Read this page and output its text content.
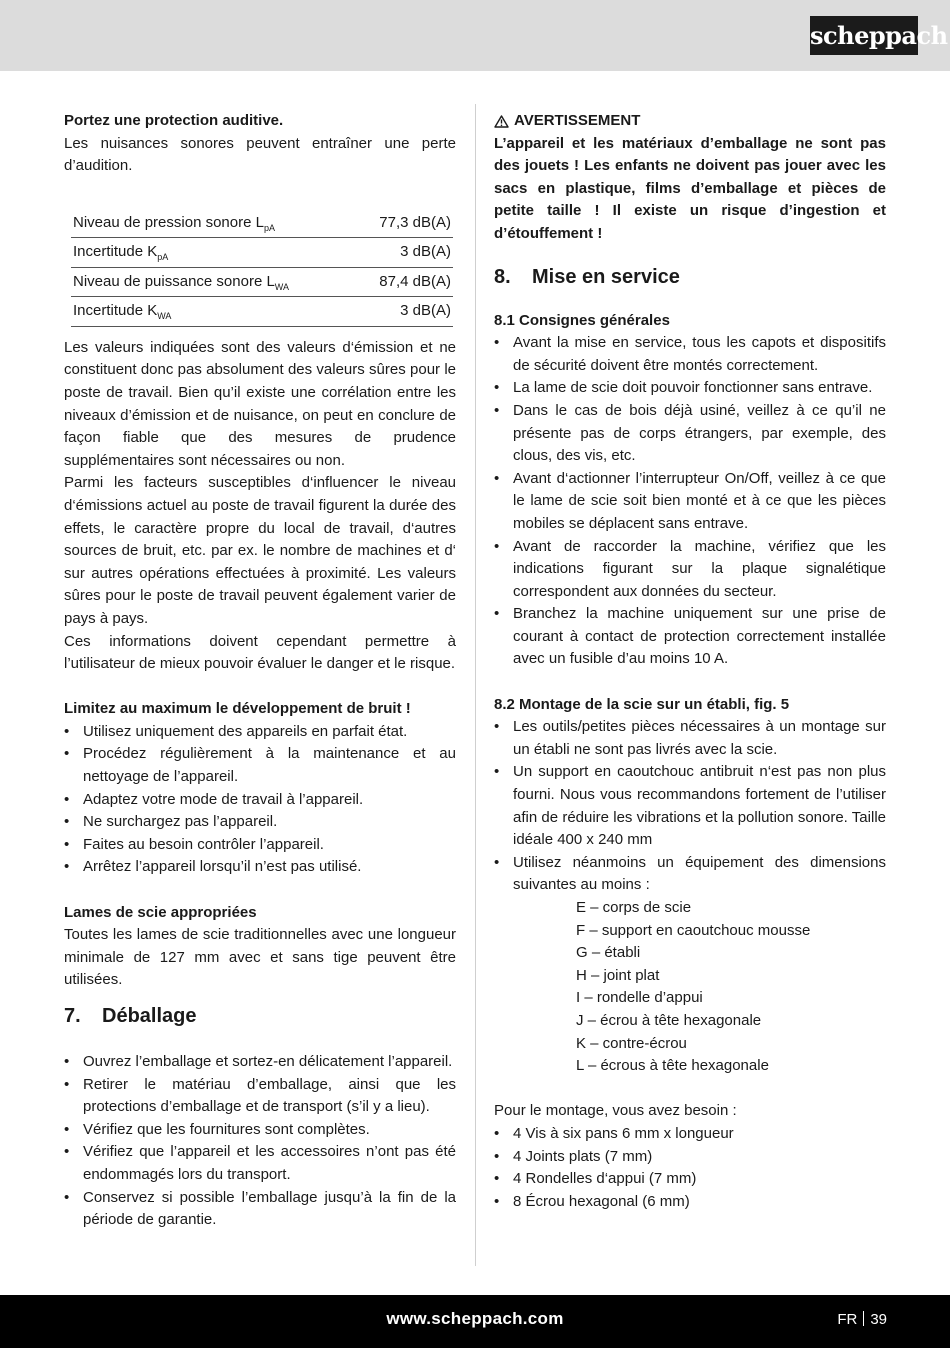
scheppach

Portez une protection auditive.

Les nuisances sonores peuvent entraîner une perte d’audition.

Niveau de pression sonore $L_{pA}$	77,3 dB(A)
Incertitude $K_{pA}$	3 dB(A)
Niveau de puissance sonore $L_{WA}$	87,4 dB(A)
Incertitude $K_{WA}$	3 dB(A)

Les valeurs indiquées sont des valeurs d‘émission et ne constituent donc pas absolument des valeurs sûres pour le poste de travail. Bien qu’il existe une corrélation entre les niveaux d’émission et de nuisance, on peut en conclure de façon fiable que des mesures de prudence supplémentaires sont nécessaires ou non.

Parmi les facteurs susceptibles d‘influencer le niveau d‘émissions actuel au poste de travail figurent la durée des effets, le caractère propre du local de travail, d‘autres sources de bruit, etc. par ex. le nombre de machines et d‘ sur autres opérations effectuées à proximité. Les valeurs sûres pour le poste de travail peuvent également varier de pays à pays.

Ces informations doivent cependant permettre à l’utilisateur de mieux pouvoir évaluer le danger et le risque.

Limitez au maximum le développement de bruit !

• Utilisez uniquement des appareils en parfait état.
• Procédez régulièrement à la maintenance et au nettoyage de l’appareil.
• Adaptez votre mode de travail à l’appareil.
• Ne surchargez pas l’appareil.
• Faites au besoin contrôler l’appareil.
• Arrêtez l’appareil lorsqu’il n’est pas utilisé.

Lames de scie appropriées

Toutes les lames de scie traditionnelles avec une longueur minimale de 127 mm avec et sans tige peuvent être utilisées.

7. Déballage
• Ouvrez l’emballage et sortez-en délicatement l’appareil.
• Retirer le matériau d’emballage, ainsi que les protections d’emballage et de transport (s’il y a lieu).
• Vérifiez que les fournitures sont complètes.
• Vérifiez que l’appareil et les accessoires n’ont pas été endommagés lors du transport.
• Conservez si possible l’emballage jusqu’à la fin de la période de garantie.
AVERTISSEMENT

L’appareil et les matériaux d’emballage ne sont pas des jouets ! Les enfants ne doivent pas jouer avec les sacs en plastique, films d’emballage et pièces de petite taille ! Il existe un risque d’ingestion et d’étouffement !

8. Mise en service

8.1 Consignes générales

• Avant la mise en service, tous les capots et dispositifs de sécurité doivent être montés correctement.
• La lame de scie doit pouvoir fonctionner sans entrave.
• Dans le cas de bois déjà usiné, veillez à ce qu’il ne présente pas de corps étrangers, par exemple, des clous, des vis, etc.
• Avant d‘actionner l’interrupteur On/Off, veillez à ce que le lame de scie soit bien monté et à ce que les pièces mobiles se déplacent sans entrave.
• Avant de raccorder la machine, vérifiez que les indications figurant sur la plaque signalétique correspondent aux données du secteur.
• Branchez la machine uniquement sur une prise de courant à contact de protection correctement installée avec un fusible d’au moins 10 A.

8.2 Montage de la scie sur un établi, fig. 5

• Les outils/petites pièces nécessaires à un montage sur un établi ne sont pas livrés avec la scie.
• Un support en caoutchouc antibruit n‘est pas non plus fourni. Nous vous recommandons fortement de l’utiliser afin de réduire les vibrations et la pollution sonore. Taille idéale 400 x 240 mm
• Utilisez néanmoins un équipement des dimensions suivantes au moins :
E – corps de scie
F – support en caoutchouc mousse
G – établi
H – joint plat
I – rondelle d’appui
J – écrou à tête hexagonale
K – contre-écrou
L – écrous à tête hexagonale

Pour le montage, vous avez besoin :

• 4 Vis à six pans 6 mm x longueur
• 4 Joints plats (7 mm)
• 4 Rondelles d‘appui (7 mm)
• 8 Écrou hexagonal (6 mm)
www.scheppach.com	FR 39
